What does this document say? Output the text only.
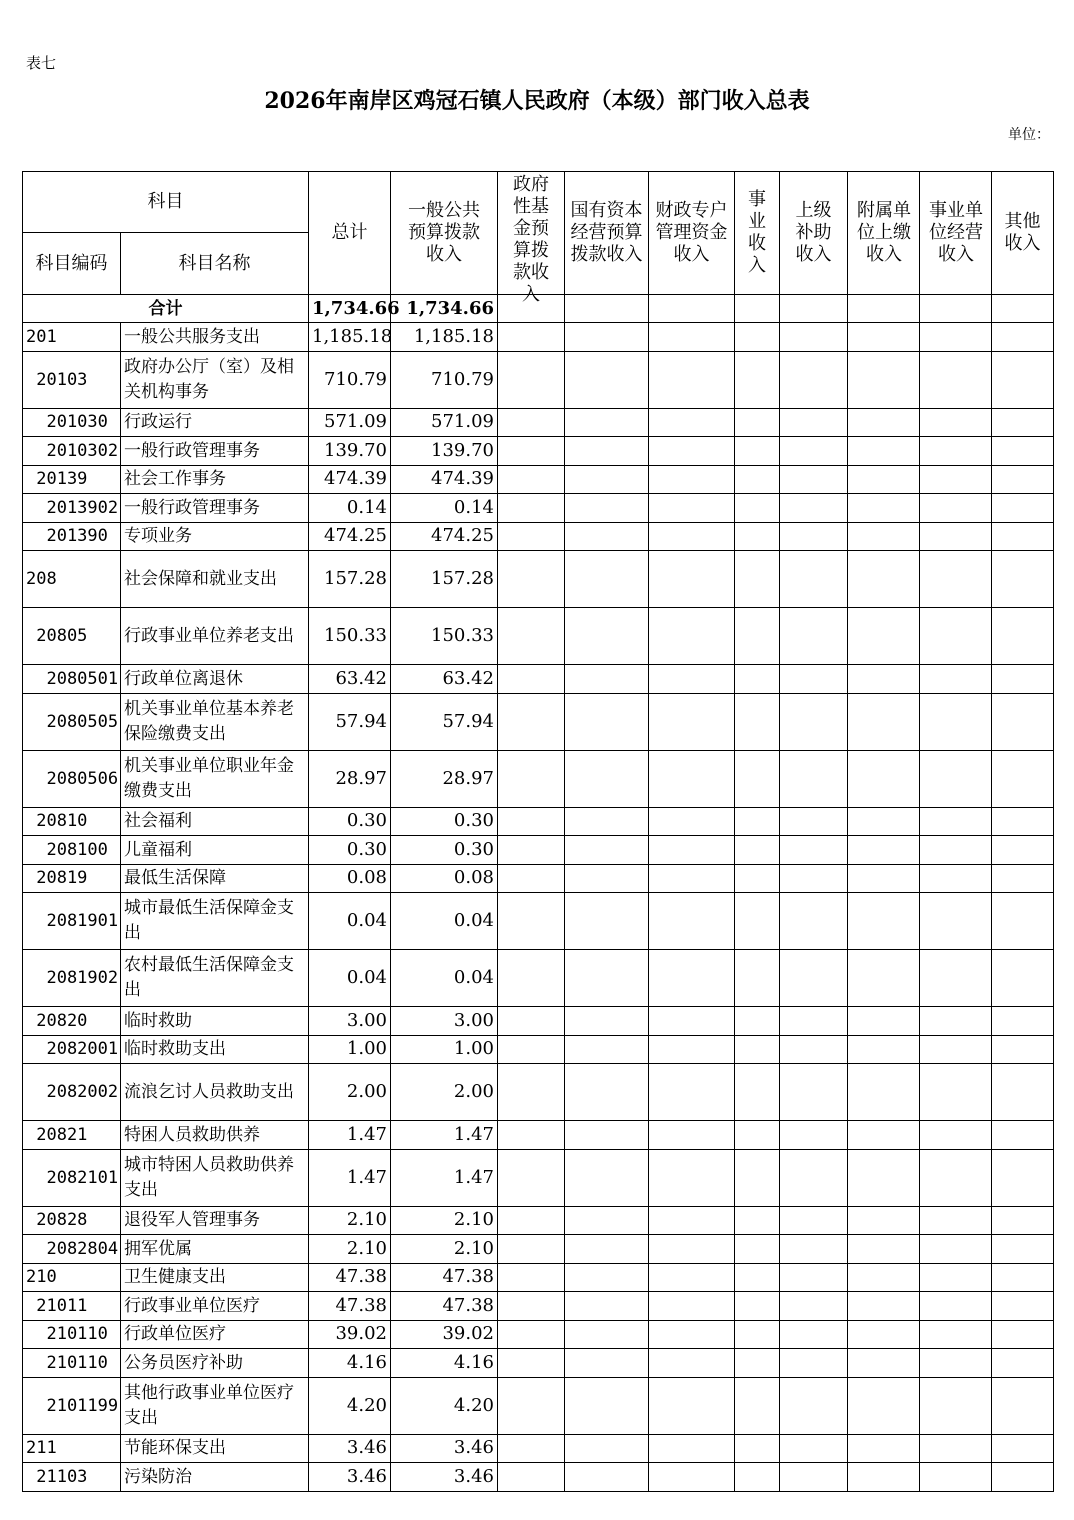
表七
2026年南岸区鸡冠石镇人民政府（本级）部门收入总表
单位：
科目		总计	一般公共预算拨款收入	政府性基金预算拨款收入	国有资本经营预算拨款收入	财政专户管理资金收入	事业收入	上级补助收入	附属单位上缴收入	事业单位经营收入	其他收入

科目编码	科目名称										
合计		1,734.66	1,734.66								
201	一般公共服务支出	1,185.18	1,185.18								
20103	政府办公厅（室）及相关机构事务	710.79	710.79								
201030	行政运行	571.09	571.09								
2010302	一般行政管理事务	139.70	139.70								
20139	社会工作事务	474.39	474.39								
2013902	一般行政管理事务	0.14	0.14								
201390	专项业务	474.25	474.25								
208	社会保障和就业支出	157.28	157.28								
20805	行政事业单位养老支出	150.33	150.33								
2080501	行政单位离退休	63.42	63.42								
2080505	机关事业单位基本养老保险缴费支出	57.94	57.94								
2080506	机关事业单位职业年金缴费支出	28.97	28.97								
20810	社会福利	0.30	0.30								
208100	儿童福利	0.30	0.30								
20819	最低生活保障	0.08	0.08								
2081901	城市最低生活保障金支出	0.04	0.04								
2081902	农村最低生活保障金支出	0.04	0.04								
20820	临时救助	3.00	3.00								
2082001	临时救助支出	1.00	1.00								
2082002	流浪乞讨人员救助支出	2.00	2.00								
20821	特困人员救助供养	1.47	1.47								
2082101	城市特困人员救助供养支出	1.47	1.47								
20828	退役军人管理事务	2.10	2.10								
2082804	拥军优属	2.10	2.10								
210	卫生健康支出	47.38	47.38								
21011	行政事业单位医疗	47.38	47.38								
210110	行政单位医疗	39.02	39.02								
210110	公务员医疗补助	4.16	4.16								
2101199	其他行政事业单位医疗支出	4.20	4.20								
211	节能环保支出	3.46	3.46								
21103	污染防治	3.46	3.46								
